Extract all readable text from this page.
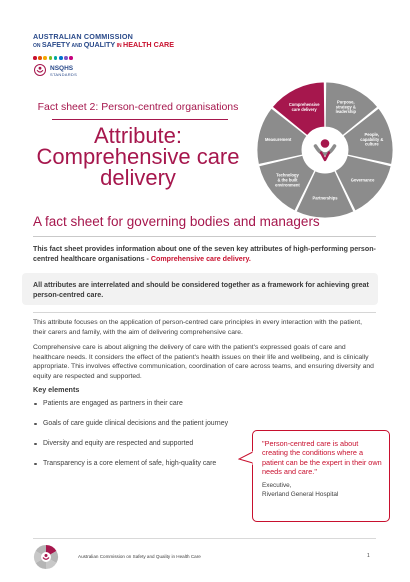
AUSTRALIAN COMMISSION
ON SAFETY AND QUALITY IN HEALTH CARE
NSQHS
STANDARDS
Fact sheet 2: Person-centred organisations
Attribute:
Comprehensive care
delivery
Comprehensive care delivery
Purpose, strategy & leadership
People, capability & culture
Governance
Partnerships
Technology & the built environment
Measurement
A fact sheet for governing bodies and managers
This fact sheet provides information about one of the seven key attributes of high-performing person-centred healthcare organisations - Comprehensive care delivery.
All attributes are interrelated and should be considered together as a framework for achieving great person-centred care.
This attribute focuses on the application of person-centred care principles in every interaction with the patient, their carers and family, with the aim of delivering comprehensive care.
Comprehensive care is about aligning the delivery of care with the patient's expressed goals of care and healthcare needs. It considers the effect of the patient's health issues on their life and wellbeing, and is clinically appropriate. This involves effective communication, coordination of care across teams, and ensuring diversity and equity are respected and supported.
Key elements
Patients are engaged as partners in their care
Goals of care guide clinical decisions and the patient journey
Diversity and equity are respected and supported
Transparency is a core element of safe, high-quality care
"Person-centred care is about creating the conditions where a patient can be the expert in their own needs and care."
Executive,
Riverland General Hospital
Australian Commission on Safety and Quality in Health Care	1
